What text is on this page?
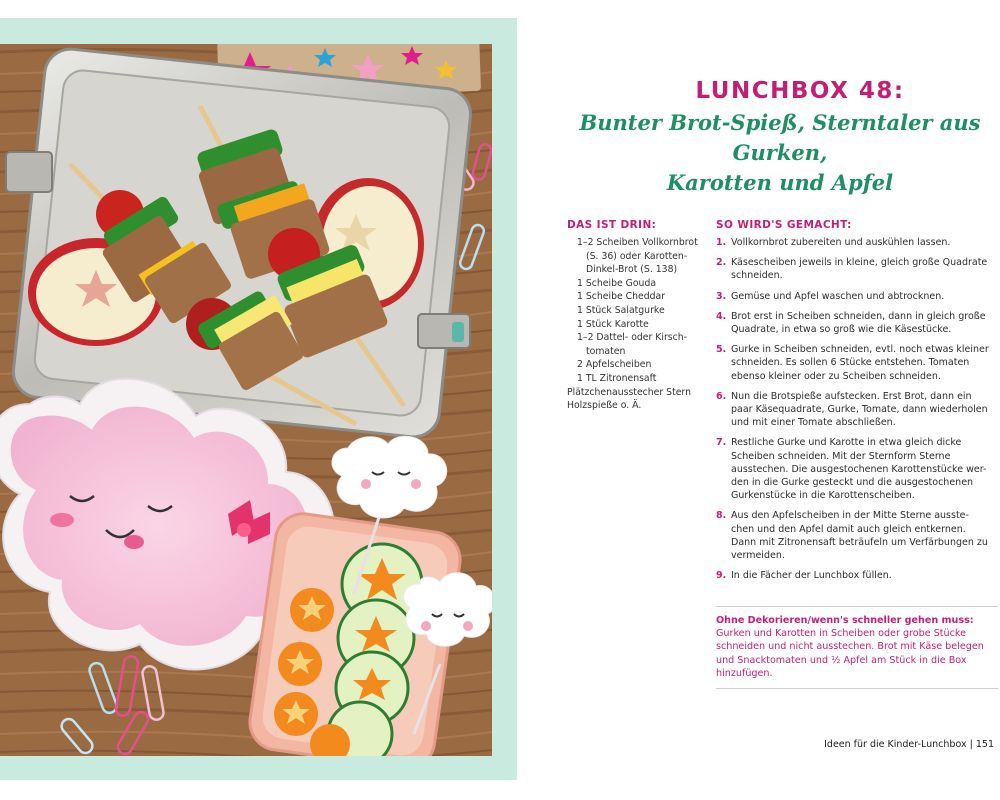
LUNCHBOX 48:
Bunter Brot-Spieß, Sterntaler aus Gurken,
Karotten und Apfel
DAS IST DRIN:
1–2 Scheiben Vollkornbrot
(S. 36) oder Karotten-
Dinkel-Brot (S. 138)
1 Scheibe Gouda
1 Scheibe Cheddar
1 Stück Salatgurke
1 Stück Karotte
1–2 Dattel- oder Kirsch-
tomaten
2 Apfelscheiben
1 TL Zitronensaft
Plätzchenausstecher Stern
Holzspieße o. Ä.
SO WIRD'S GEMACHT:
1. Vollkornbrot zubereiten und auskühlen lassen.
2. Käsescheiben jeweils in kleine, gleich große Quadrate
schneiden.
3. Gemüse und Apfel waschen und abtrocknen.
4. Brot erst in Scheiben schneiden, dann in gleich große
Quadrate, in etwa so groß wie die Käsestücke.
5. Gurke in Scheiben schneiden, evtl. noch etwas kleiner
schneiden. Es sollen 6 Stücke entstehen. Tomaten
ebenso kleiner oder zu Scheiben schneiden.
6. Nun die Brotspieße aufstecken. Erst Brot, dann ein
paar Käsequadrate, Gurke, Tomate, dann wiederholen
und mit einer Tomate abschließen.
7. Restliche Gurke und Karotte in etwa gleich dicke
Scheiben schneiden. Mit der Sternform Sterne
ausstechen. Die ausgestochenen Karottenstücke wer-
den in die Gurke gesteckt und die ausgestochenen
Gurkenstücke in die Karottenscheiben.
8. Aus den Apfelscheiben in der Mitte Sterne ausste-
chen und den Apfel damit auch gleich entkernen.
Dann mit Zitronensaft beträufeln um Verfärbungen zu
vermeiden.
9. In die Fächer der Lunchbox füllen.
Ohne Dekorieren/wenn's schneller gehen muss:
Gurken und Karotten in Scheiben oder grobe Stücke
schneiden und nicht ausstechen. Brot mit Käse belegen
und Snacktomaten und ½ Apfel am Stück in die Box
hinzufügen.
Ideen für die Kinder-Lunchbox | 151
